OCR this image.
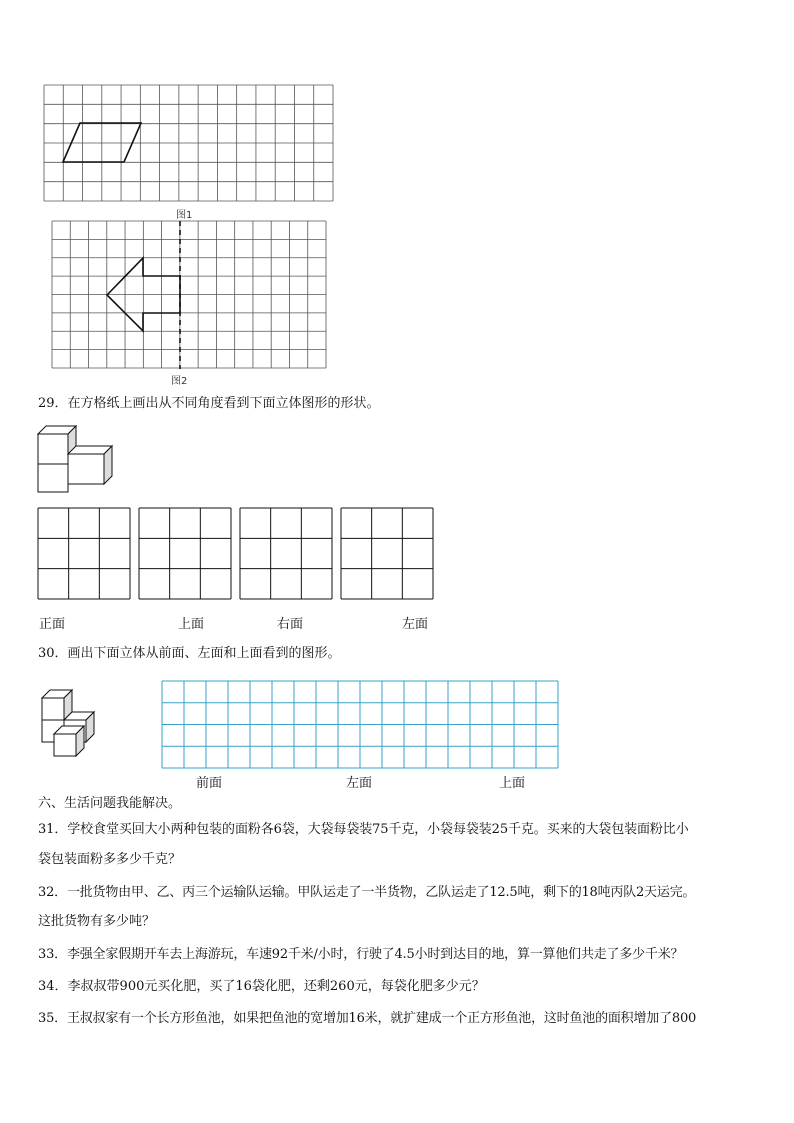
图1
图2
29．在方格纸上画出从不同角度看到下面立体图形的形状。
正面	上面	右面	左面
30．画出下面立体从前面、左面和上面看到的图形。
前面	左面	上面
六、生活问题我能解决。
31．学校食堂买回大小两种包装的面粉各6袋，大袋每袋装75千克，小袋每袋装25千克。买来的大袋包装面粉比小
袋包装面粉多多少千克？
32．一批货物由甲、乙、丙三个运输队运输。甲队运走了一半货物，乙队运走了12.5吨，剩下的18吨丙队2天运完。
这批货物有多少吨？
33．李强全家假期开车去上海游玩，车速92千米/小时，行驶了4.5小时到达目的地，算一算他们共走了多少千米？
34．李叔叔带900元买化肥，买了16袋化肥，还剩260元，每袋化肥多少元？
35．王叔叔家有一个长方形鱼池，如果把鱼池的宽增加16米，就扩建成一个正方形鱼池，这时鱼池的面积增加了800
